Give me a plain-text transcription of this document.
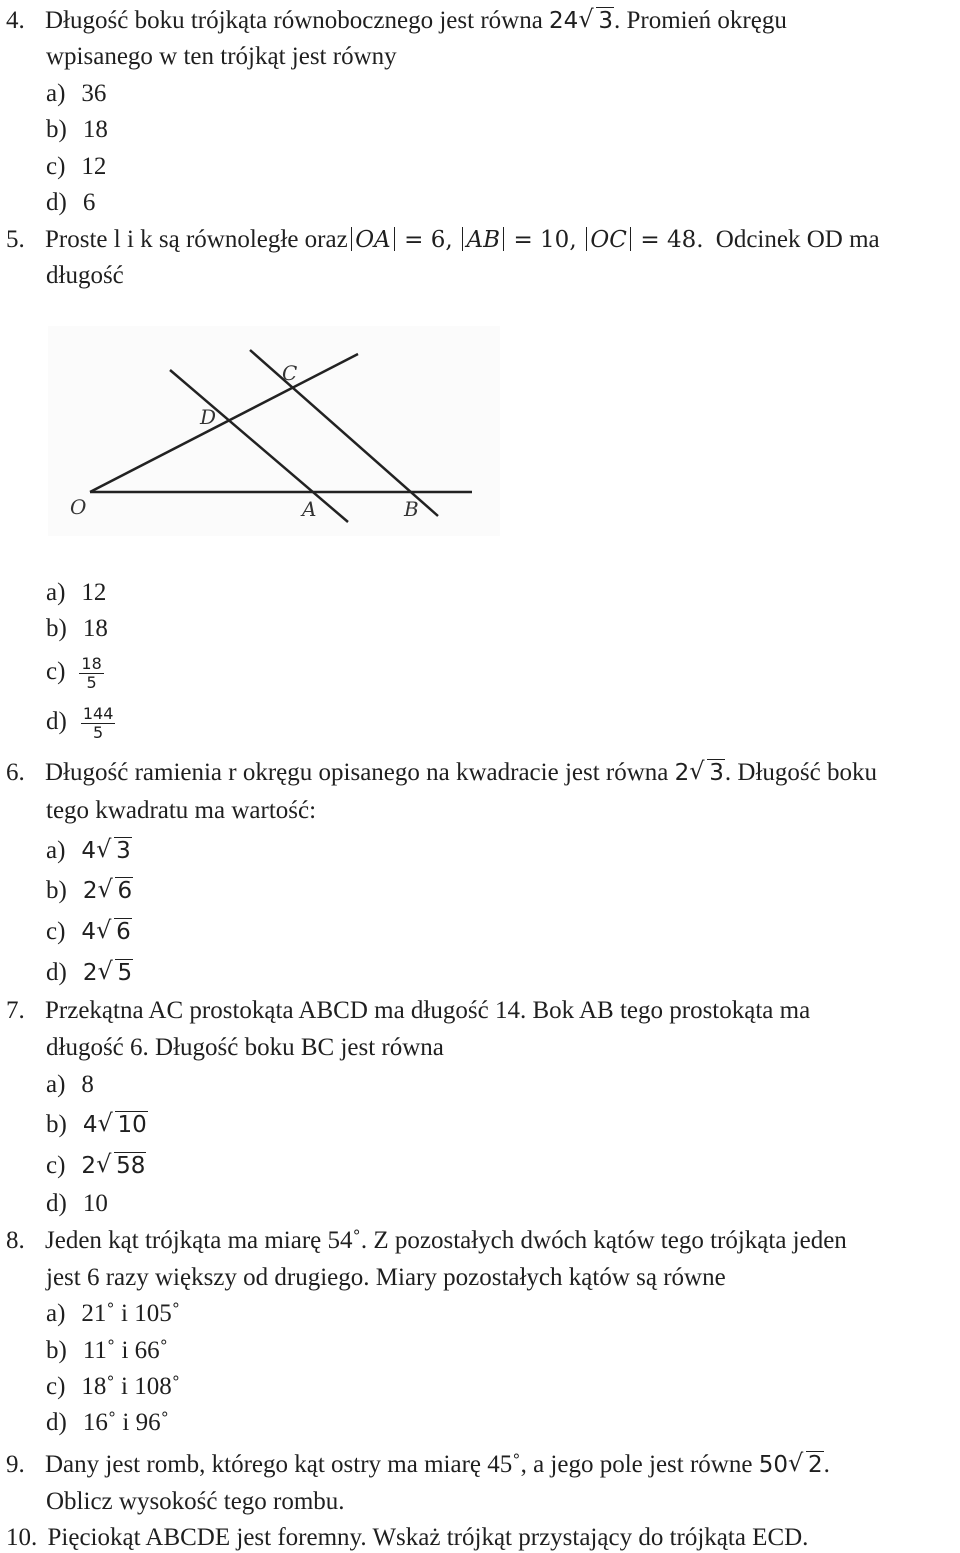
4. Długość boku trójkąta równobocznego jest równa 24 √ 3. Promień okręgu
wpisanego w ten trójkąt jest równy
a) 36
b) 18
c) 12
d) 6
5. Proste l i k są równoległe oraz OA = 6, AB = 10, OC = 48. Odcinek OD ma
długość
O	A	B
C
D
a) 12
b) 18
$c) \frac{18}{5}$
$d) \frac{144}{5}$
6. Długość ramienia r okręgu opisanego na kwadracie jest równa 2 √ 3. Długość boku
tego kwadratu ma wartość:
a) 4 √ 3
b) 2 √ 6
c) 4 √ 6
d) 2 √ 5
7. Przekątna AC prostokąta ABCD ma długość 14. Bok AB tego prostokąta ma
długość 6. Długość boku BC jest równa
a) 8
b) 4 √ 10
c) 2 √ 58
d) 10
8. Jeden kąt trójkąta ma miarę 54˚. Z pozostałych dwóch kątów tego trójkąta jeden
jest 6 razy większy od drugiego. Miary pozostałych kątów są równe
a) 21˚ i 105˚
b) 11˚ i 66˚
c) 18˚ i 108˚
d) 16˚ i 96˚
9. Dany jest romb, którego kąt ostry ma miarę 45˚, a jego pole jest równe 50 √ 2.
Oblicz wysokość tego rombu.
10. Pięciokąt ABCDE jest foremny. Wskaż trójkąt przystający do trójkąta ECD.
